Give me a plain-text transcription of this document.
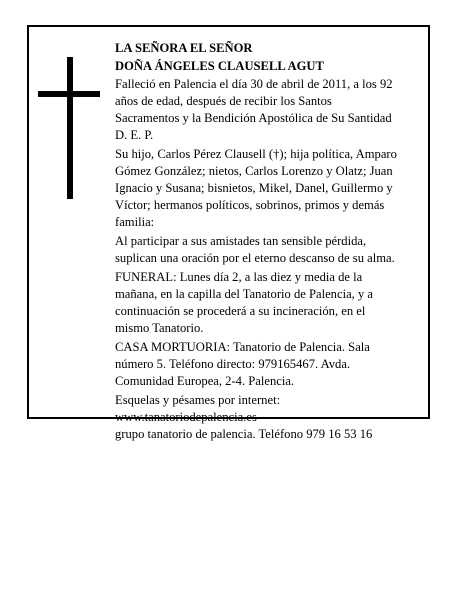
LA SEÑORA EL SEÑOR

DOÑA ÁNGELES CLAUSELL AGUT

Falleció en Palencia el día 30 de abril de 2011, a los 92
años de edad, después de recibir los Santos
Sacramentos y la Bendición Apostólica de Su Santidad
D. E. P.

Su hijo, Carlos Pérez Clausell (†); hija política, Amparo
Gómez González; nietos, Carlos Lorenzo y Olatz; Juan
Ignacio y Susana; bisnietos, Mikel, Danel, Guillermo y
Víctor; hermanos políticos, sobrinos, primos y demás
familia:

Al participar a sus amistades tan sensible pérdida,
suplican una oración por el eterno descanso de su alma.

FUNERAL: Lunes día 2, a las diez y media de la
mañana, en la capilla del Tanatorio de Palencia, y a
continuación se procederá a su incineración, en el
mismo Tanatorio.

CASA MORTUORIA: Tanatorio de Palencia. Sala
número 5. Teléfono directo: 979165467. Avda.
Comunidad Europea, 2-4. Palencia.

Esquelas y pésames por internet:
www.tanatoriodepalencia.es
grupo tanatorio de palencia. Teléfono 979 16 53 16
